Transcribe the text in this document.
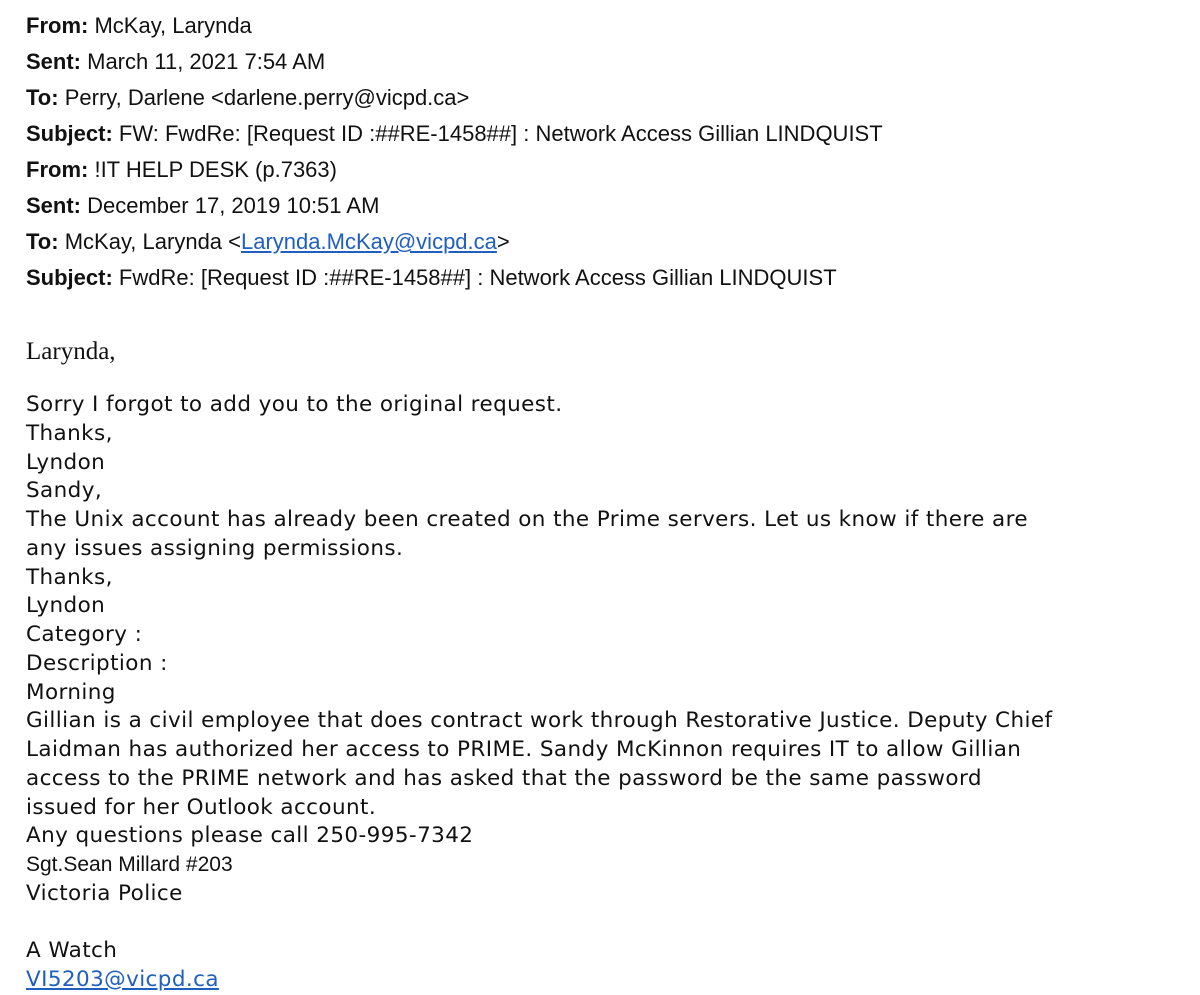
From: McKay, Larynda
Sent: March 11, 2021 7:54 AM
To: Perry, Darlene <darlene.perry@vicpd.ca>
Subject: FW: FwdRe: [Request ID :##RE-1458##] : Network Access Gillian LINDQUIST
From: !IT HELP DESK (p.7363)
Sent: December 17, 2019 10:51 AM
To: McKay, Larynda <Larynda.McKay@vicpd.ca>
Subject: FwdRe: [Request ID :##RE-1458##] : Network Access Gillian LINDQUIST
Larynda,
Sorry I forgot to add you to the original request.
Thanks,
Lyndon
Sandy,
The Unix account has already been created on the Prime servers. Let us know if there are
any issues assigning permissions.
Thanks,
Lyndon
Category :
Description :
Morning
Gillian is a civil employee that does contract work through Restorative Justice. Deputy Chief
Laidman has authorized her access to PRIME. Sandy McKinnon requires IT to allow Gillian
access to the PRIME network and has asked that the password be the same password
issued for her Outlook account.
Any questions please call 250-995-7342
Sgt.Sean Millard #203
Victoria Police
A Watch
VI5203@vicpd.ca
